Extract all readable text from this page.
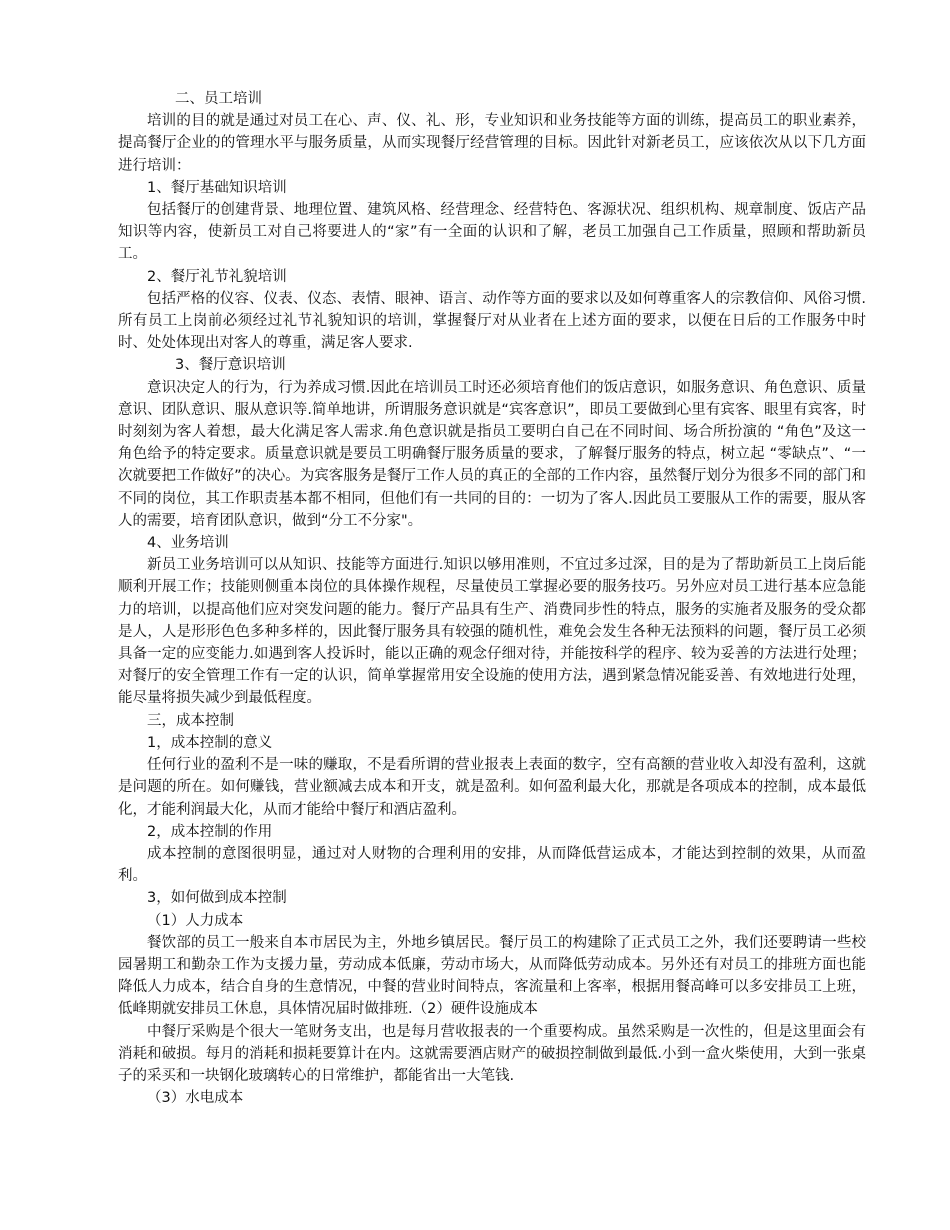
二、员工培训

培训的目的就是通过对员工在心、声、仪、礼、形，专业知识和业务技能等方面的训练，提高员工的职业素养，提高餐厅企业的的管理水平与服务质量，从而实现餐厅经营管理的目标。因此针对新老员工，应该依次从以下几方面进行培训：

1、餐厅基础知识培训

包括餐厅的创建背景、地理位置、建筑风格、经营理念、经营特色、客源状况、组织机构、规章制度、饭店产品知识等内容，使新员工对自己将要进人的“家”有一全面的认识和了解，老员工加强自己工作质量，照顾和帮助新员工。

2、餐厅礼节礼貌培训

包括严格的仪容、仪表、仪态、表情、眼神、语言、动作等方面的要求以及如何尊重客人的宗教信仰、风俗习惯.所有员工上岗前必须经过礼节礼貌知识的培训，掌握餐厅对从业者在上述方面的要求，以便在日后的工作服务中时时、处处体现出对客人的尊重，满足客人要求.

3、餐厅意识培训

意识决定人的行为，行为养成习惯.因此在培训员工时还必须培育他们的饭店意识，如服务意识、角色意识、质量意识、团队意识、服从意识等.简单地讲，所谓服务意识就是“宾客意识”，即员工要做到心里有宾客、眼里有宾客，时时刻刻为客人着想，最大化满足客人需求.角色意识就是指员工要明白自己在不同时间、场合所扮演的 “角色”及这一角色给予的特定要求。质量意识就是要员工明确餐厅服务质量的要求，了解餐厅服务的特点，树立起 “零缺点”、“一次就要把工作做好”的决心。为宾客服务是餐厅工作人员的真正的全部的工作内容，虽然餐厅划分为很多不同的部门和不同的岗位，其工作职责基本都不相同，但他们有一共同的目的：一切为了客人.因此员工要服从工作的需要，服从客人的需要，培育团队意识，做到“分工不分家"。

4、业务培训

新员工业务培训可以从知识、技能等方面进行.知识以够用准则，不宜过多过深，目的是为了帮助新员工上岗后能顺利开展工作；技能则侧重本岗位的具体操作规程，尽量使员工掌握必要的服务技巧。另外应对员工进行基本应急能力的培训，以提高他们应对突发问题的能力。餐厅产品具有生产、消费同步性的特点，服务的实施者及服务的受众都是人，人是形形色色多种多样的，因此餐厅服务具有较强的随机性，难免会发生各种无法预料的问题，餐厅员工必须具备一定的应变能力.如遇到客人投诉时，能以正确的观念仔细对待，并能按科学的程序、较为妥善的方法进行处理；对餐厅的安全管理工作有一定的认识，简单掌握常用安全设施的使用方法，遇到紧急情况能妥善、有效地进行处理，能尽量将损失减少到最低程度。

三，成本控制

1，成本控制的意义

任何行业的盈利不是一味的赚取，不是看所谓的营业报表上表面的数字，空有高额的营业收入却没有盈利，这就是问题的所在。如何赚钱，营业额减去成本和开支，就是盈利。如何盈利最大化，那就是各项成本的控制，成本最低化，才能利润最大化，从而才能给中餐厅和酒店盈利。

2，成本控制的作用

成本控制的意图很明显，通过对人财物的合理利用的安排，从而降低营运成本，才能达到控制的效果，从而盈利。

3，如何做到成本控制

（1）人力成本

餐饮部的员工一般来自本市居民为主，外地乡镇居民。餐厅员工的构建除了正式员工之外，我们还要聘请一些校园暑期工和勤杂工作为支援力量，劳动成本低廉，劳动市场大，从而降低劳动成本。另外还有对员工的排班方面也能降低人力成本，结合自身的生意情况，中餐的营业时间特点，客流量和上客率，根据用餐高峰可以多安排员工上班，低峰期就安排员工休息，具体情况届时做排班.（2）硬件设施成本

中餐厅采购是个很大一笔财务支出，也是每月营收报表的一个重要构成。虽然采购是一次性的，但是这里面会有消耗和破损。每月的消耗和损耗要算计在内。这就需要酒店财产的破损控制做到最低.小到一盒火柴使用，大到一张桌子的采买和一块钢化玻璃转心的日常维护，都能省出一大笔钱.

（3）水电成本
